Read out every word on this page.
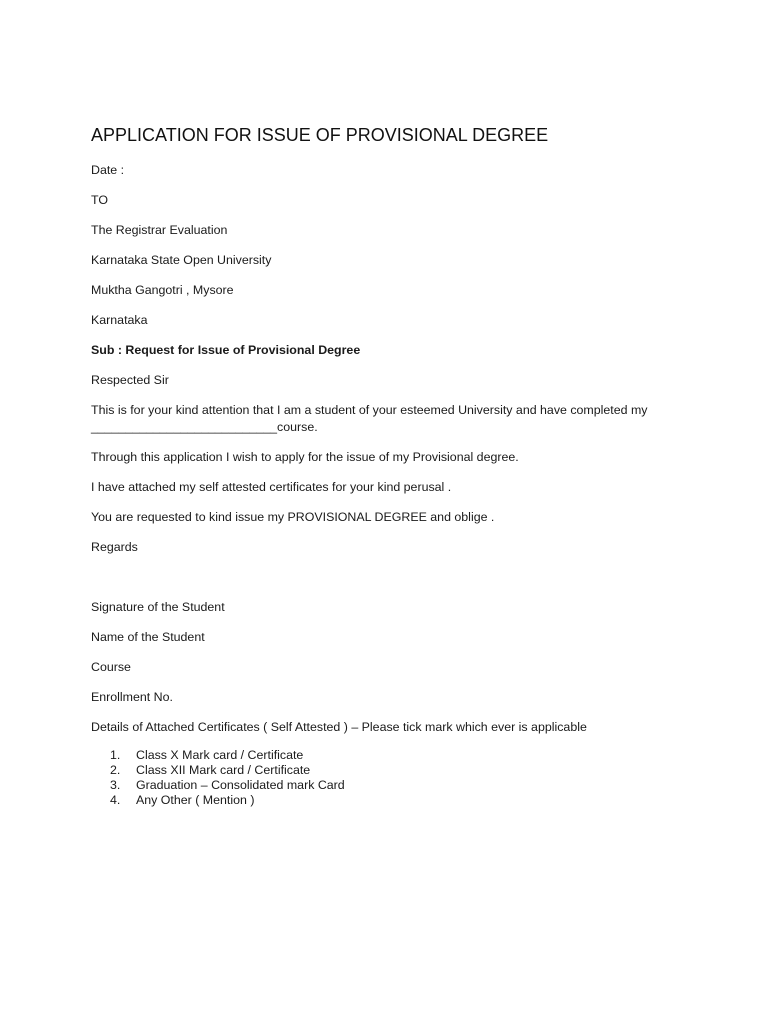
APPLICATION FOR ISSUE OF PROVISIONAL DEGREE

Date :

TO

The Registrar Evaluation

Karnataka State Open University

Muktha Gangotri , Mysore

Karnataka

Sub : Request for Issue of Provisional Degree

Respected Sir

This is for your kind attention that I am a student of your esteemed University and have completed my

___________________________course.

Through this application I wish to apply for the issue of my Provisional degree.

I have attached my self attested certificates for your kind perusal .

You are requested to kind issue my PROVISIONAL DEGREE and oblige .

Regards

Signature of the Student

Name of the Student

Course

Enrollment No.

Details of Attached Certificates ( Self Attested ) – Please tick mark which ever is applicable

1.	Class X Mark card / Certificate
2.	Class XII Mark card / Certificate
3.	Graduation – Consolidated mark Card
4.	Any Other ( Mention )
